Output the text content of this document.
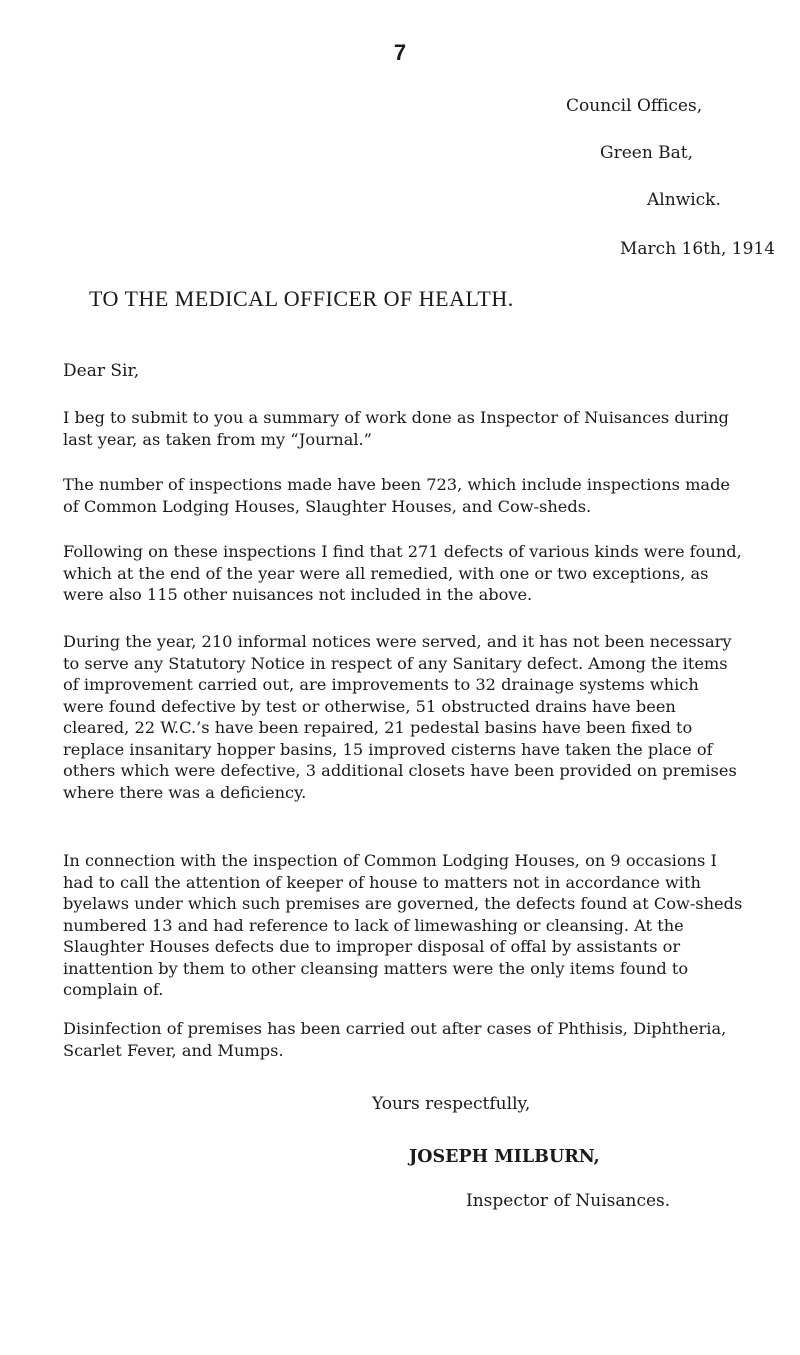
7
Council Offices,
Green Bat,
Alnwick.
March 16th, 1914
TO THE MEDICAL OFFICER OF HEALTH.
Dear Sir,

I beg to submit to you a summary of work done as Inspector of Nuisances during last year, as taken from my “Journal.”

The number of inspections made have been 723, which include inspections made of Common Lodging Houses, Slaughter Houses, and Cow-sheds.

Following on these inspections I find that 271 defects of various kinds were found, which at the end of the year were all remedied, with one or two exceptions, as were also 115 other nuisances not included in the above.

During the year, 210 informal notices were served, and it has not been necessary to serve any Statutory Notice in respect of any Sanitary defect. Among the items of improvement carried out, are improvements to 32 drainage systems which were found defective by test or otherwise, 51 obstructed drains have been cleared, 22 W.C.’s have been repaired, 21 pedestal basins have been fixed to replace insanitary hopper basins, 15 improved cisterns have taken the place of others which were defective, 3 additional closets have been provided on premises where there was a deficiency.

In connection with the inspection of Common Lodging Houses, on 9 occasions I had to call the attention of keeper of house to matters not in accordance with byelaws under which such premises are governed, the defects found at Cow-sheds numbered 13 and had reference to lack of limewashing or cleansing. At the Slaughter Houses defects due to improper disposal of offal by assistants or inattention by them to other cleansing matters were the only items found to complain of.

Disinfection of premises has been carried out after cases of Phthisis, Diphtheria, Scarlet Fever, and Mumps.

Yours respectfully,
JOSEPH MILBURN,
Inspector of Nuisances.
